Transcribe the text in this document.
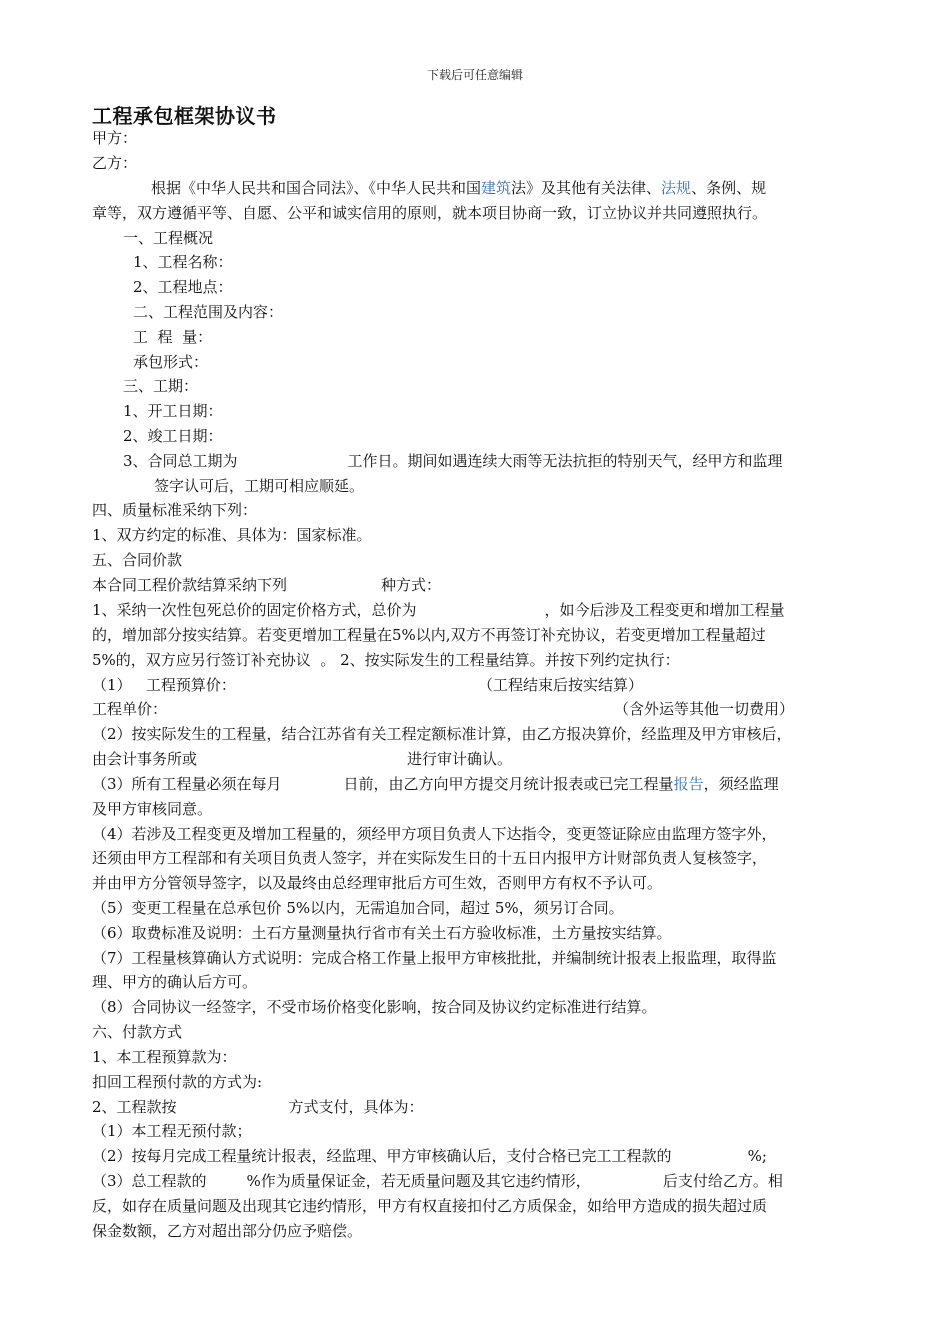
下载后可任意编辑
工程承包框架协议书
甲方：
乙方：
根据《中华人民共和国合同法》、《中华人民共和国建筑法》及其他有关法律、法规、条例、规
章等，双方遵循平等、自愿、公平和诚实信用的原则，就本项目协商一致，订立协议并共同遵照执行。
一、工程概况
1、工程名称：
2、工程地点：
二、工程范围及内容：
工  程  量：
承包形式：
三、工期：
1、开工日期：
2、竣工日期：
3、合同总工期为	工作日。期间如遇连续大雨等无法抗拒的特别天气，经甲方和监理
签字认可后，工期可相应顺延。
四、质量标准采纳下列：
1、双方约定的标准、具体为：国家标准。
五、合同价款
本合同工程价款结算采纳下列	种方式：
1、采纳一次性包死总价的固定价格方式，总价为	，如今后涉及工程变更和增加工程量
的，增加部分按实结算。若变更增加工程量在5%以内,双方不再签订补充协议，若变更增加工程量超过
5%的，双方应另行签订补充协议  。 2、按实际发生的工程量结算。并按下列约定执行：
（1）   工程预算价：	（工程结束后按实结算）
工程单价：	（含外运等其他一切费用）
（2）按实际发生的工程量，结合江苏省有关工程定额标准计算，由乙方报决算价，经监理及甲方审核后，
由会计事务所或	进行审计确认。
（3）所有工程量必须在每月	日前，由乙方向甲方提交月统计报表或已完工程量报告，须经监理
及甲方审核同意。
（4）若涉及工程变更及增加工程量的，须经甲方项目负责人下达指令，变更签证除应由监理方签字外，
还须由甲方工程部和有关项目负责人签字，并在实际发生日的十五日内报甲方计财部负责人复核签字，
并由甲方分管领导签字，以及最终由总经理审批后方可生效，否则甲方有权不予认可。
（5）变更工程量在总承包价 5%以内，无需追加合同，超过 5%，须另订合同。
（6）取费标准及说明：土石方量测量执行省市有关土石方验收标准，土方量按实结算。
（7）工程量核算确认方式说明：完成合格工作量上报甲方审核批批，并编制统计报表上报监理，取得监
理、甲方的确认后方可。
（8）合同协议一经签字，不受市场价格变化影响，按合同及协议约定标准进行结算。
六、付款方式
1、本工程预算款为：
扣回工程预付款的方式为:
2、工程款按	方式支付，具体为：
（1）本工程无预付款；
（2）按每月完成工程量统计报表，经监理、甲方审核确认后，支付合格已完工工程款的	%;
（3）总工程款的	%作为质量保证金，若无质量问题及其它违约情形，	后支付给乙方。相
反，如存在质量问题及出现其它违约情形，甲方有权直接扣付乙方质保金，如给甲方造成的损失超过质
保金数额，乙方对超出部分仍应予赔偿。
